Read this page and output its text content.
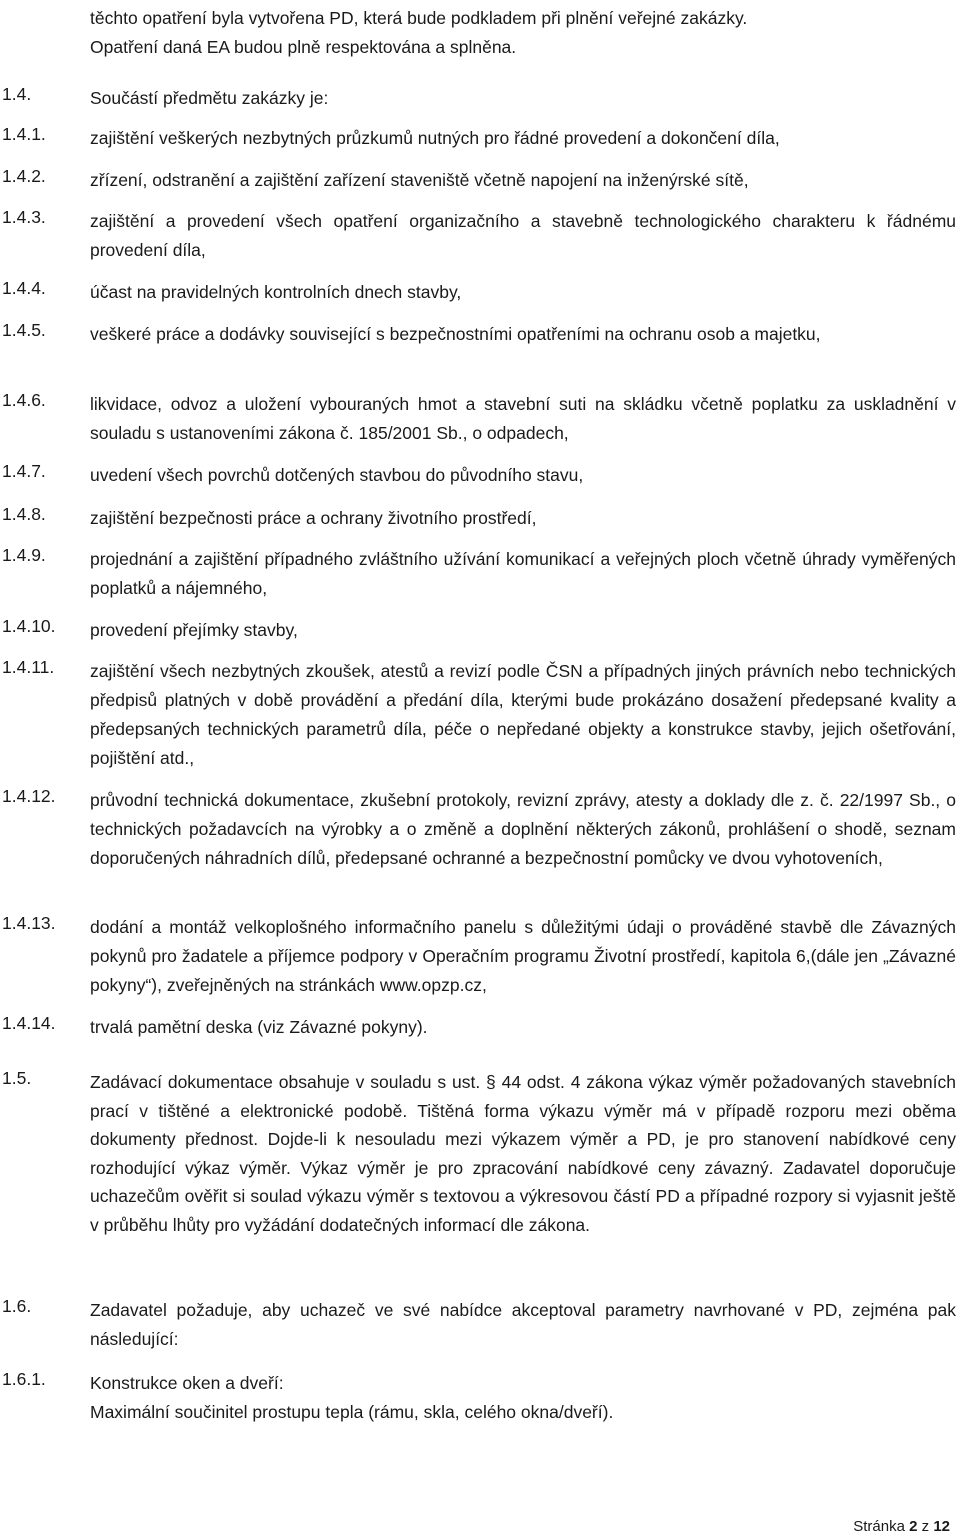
těchto opatření byla vytvořena PD, která bude podkladem při plnění veřejné zakázky.
Opatření daná EA budou plně respektována a splněna.
1.4.	Součástí předmětu zakázky je:
1.4.1.	zajištění veškerých nezbytných průzkumů nutných pro řádné provedení a dokončení díla,
1.4.2.	zřízení, odstranění a zajištění zařízení staveniště včetně napojení na inženýrské sítě,
1.4.3.	zajištění a provedení všech opatření organizačního a stavebně technologického charakteru k řádnému provedení díla,
1.4.4.	účast na pravidelných kontrolních dnech stavby,
1.4.5.	veškeré práce a dodávky související s bezpečnostními opatřeními na ochranu osob a majetku,
1.4.6.	likvidace, odvoz a uložení vybouraných hmot a stavební suti na skládku včetně poplatku za uskladnění v souladu s ustanoveními zákona č. 185/2001 Sb., o odpadech,
1.4.7.	uvedení všech povrchů dotčených stavbou do původního stavu,
1.4.8.	zajištění bezpečnosti práce a ochrany životního prostředí,
1.4.9.	projednání a zajištění případného zvláštního užívání komunikací a veřejných ploch včetně úhrady vyměřených poplatků a nájemného,
1.4.10. provedení přejímky stavby,
1.4.11. zajištění všech nezbytných zkoušek, atestů a revizí podle ČSN a případných jiných právních nebo technických předpisů platných v době provádění a předání díla, kterými bude prokázáno dosažení předepsané kvality a předepsaných technických parametrů díla, péče o nepředané objekty a konstrukce stavby, jejich ošetřování, pojištění atd.,
1.4.12. průvodní technická dokumentace, zkušební protokoly, revizní zprávy, atesty a doklady dle z. č. 22/1997 Sb., o technických požadavcích na výrobky a o změně a doplnění některých zákonů, prohlášení o shodě, seznam doporučených náhradních dílů, předepsané ochranné a bezpečnostní pomůcky ve dvou vyhotoveních,
1.4.13. dodání a montáž velkoplošného informačního panelu s důležitými údaji o prováděné stavbě dle Závazných pokynů pro žadatele a příjemce podpory v Operačním programu Životní prostředí, kapitola 6,(dále jen „Závazné pokyny“), zveřejněných na stránkách www.opzp.cz,
1.4.14. trvalá pamětní deska (viz Závazné pokyny).
1.5.	Zadávací dokumentace obsahuje v souladu s ust. § 44 odst. 4 zákona výkaz výměr požadovaných stavebních prací v tištěné a elektronické podobě. Tištěná forma výkazu výměr má v případě rozporu mezi oběma dokumenty přednost. Dojde-li k nesouladu mezi výkazem výměr a PD, je pro stanovení nabídkové ceny rozhodující výkaz výměr. Výkaz výměr je pro zpracování nabídkové ceny závazný. Zadavatel doporučuje uchazečům ověřit si soulad výkazu výměr s textovou a výkresovou částí PD a případné rozpory si vyjasnit ještě v průběhu lhůty pro vyžádání dodatečných informací dle zákona.
1.6.	Zadavatel požaduje, aby uchazeč ve své nabídce akceptoval parametry navrhované v PD, zejména pak následující:
1.6.1.	Konstrukce oken a dveří:
Maximální součinitel prostupu tepla (rámu, skla, celého okna/dveří).
Stránka 2 z 12
